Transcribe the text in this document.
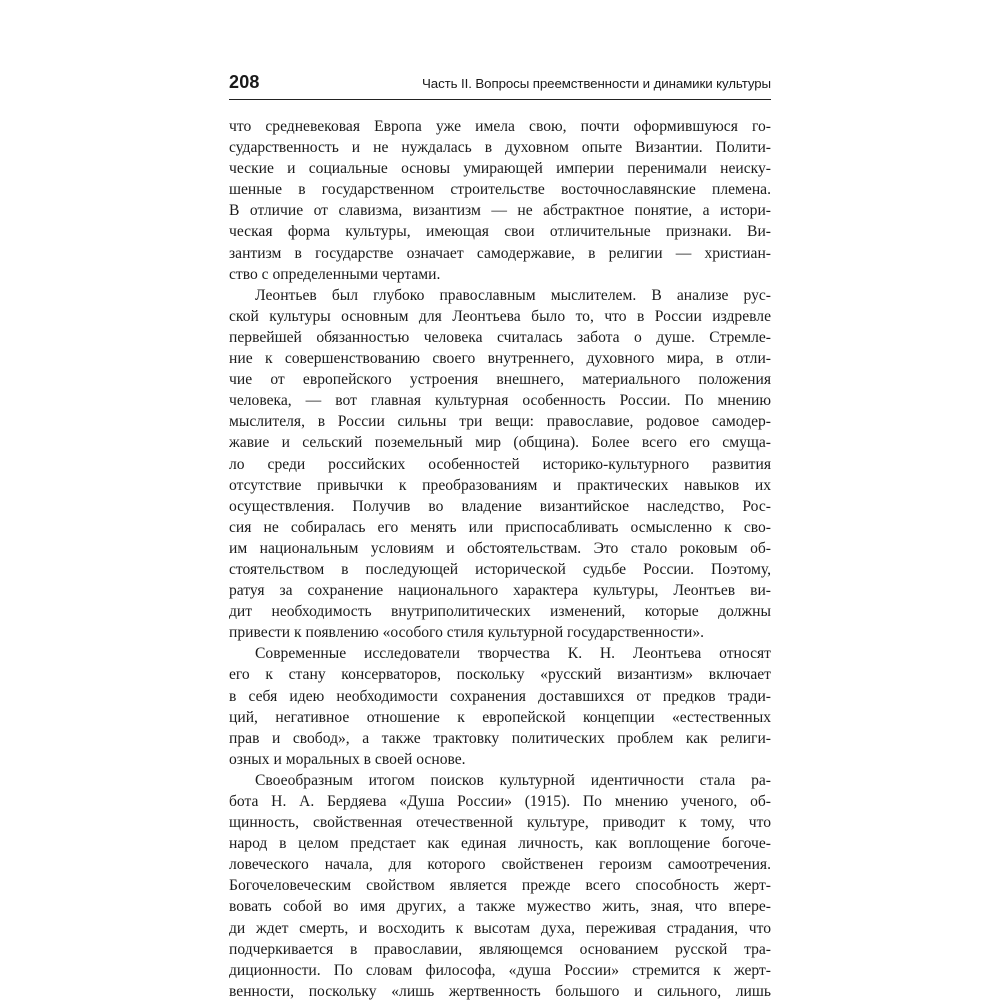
208	Часть II. Вопросы преемственности и динамики культуры
что средневековая Европа уже имела свою, почти оформившуюся го-
сударственность и не нуждалась в духовном опыте Византии. Полити-
ческие и социальные основы умирающей империи перенимали неиску-
шенные в государственном строительстве восточнославянские племена.
В отличие от славизма, византизм — не абстрактное понятие, а истори-
ческая форма культуры, имеющая свои отличительные признаки. Ви-
зантизм в государстве означает самодержавие, в религии — христиан-
ство с определенными чертами.
Леонтьев был глубоко православным мыслителем. В анализе рус-
ской культуры основным для Леонтьева было то, что в России издревле
первейшей обязанностью человека считалась забота о душе. Стремле-
ние к совершенствованию своего внутреннего, духовного мира, в отли-
чие от европейского устроения внешнего, материального положения
человека, — вот главная культурная особенность России. По мнению
мыслителя, в России сильны три вещи: православие, родовое самодер-
жавие и сельский поземельный мир (община). Более всего его смуща-
ло среди российских особенностей историко-культурного развития
отсутствие привычки к преобразованиям и практических навыков их
осуществления. Получив во владение византийское наследство, Рос-
сия не собиралась его менять или приспосабливать осмысленно к сво-
им национальным условиям и обстоятельствам. Это стало роковым об-
стоятельством в последующей исторической судьбе России. Поэтому,
ратуя за сохранение национального характера культуры, Леонтьев ви-
дит необходимость внутриполитических изменений, которые должны
привести к появлению «особого стиля культурной государственности».
Современные исследователи творчества К. Н. Леонтьева относят
его к стану консерваторов, поскольку «русский византизм» включает
в себя идею необходимости сохранения доставшихся от предков тради-
ций, негативное отношение к европейской концепции «естественных
прав и свобод», а также трактовку политических проблем как религи-
озных и моральных в своей основе.
Своеобразным итогом поисков культурной идентичности стала ра-
бота Н. А. Бердяева «Душа России» (1915). По мнению ученого, об-
щинность, свойственная отечественной культуре, приводит к тому, что
народ в целом предстает как единая личность, как воплощение богоче-
ловеческого начала, для которого свойственен героизм самоотречения.
Богочеловеческим свойством является прежде всего способность жерт-
вовать собой во имя других, а также мужество жить, зная, что впере-
ди ждет смерть, и восходить к высотам духа, переживая страдания, что
подчеркивается в православии, являющемся основанием русской тра-
диционности. По словам философа, «душа России» стремится к жерт-
венности, поскольку «лишь жертвенность большого и сильного, лишь
